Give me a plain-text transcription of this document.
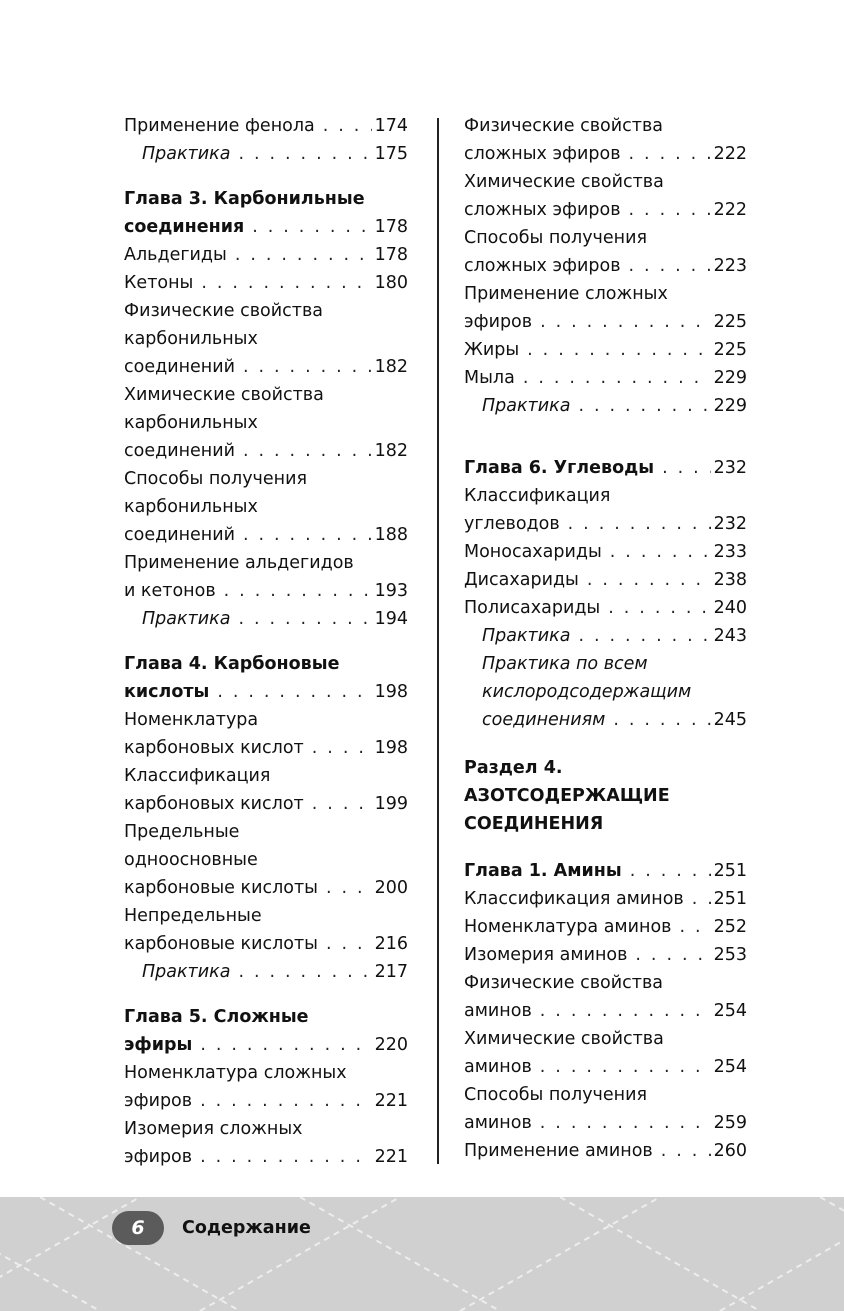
Применение фенола . . .	174
Практика . . .	175
Глава 3. Карбонильные
соединения . . .	178
Альдегиды . . .	178
Кетоны . . .	180
Физические свойства
карбонильных
соединений . . .	182
Химические свойства
карбонильных
соединений . . .	182
Способы получения
карбонильных
соединений . . .	188
Применение альдегидов
и кетонов . . .	193
Практика . . .	194
Глава 4. Карбоновые
кислоты . . .	198
Номенклатура
карбоновых кислот . . .	198
Классификация
карбоновых кислот . . .	199
Предельные
одноосновные
карбоновые кислоты . . .	200
Непредельные
карбоновые кислоты . . .	216
Практика . . .	217
Глава 5. Сложные
эфиры . . .	220
Номенклатура сложных
эфиров . . .	221
Изомерия сложных
эфиров . . .	221
Физические свойства
сложных эфиров . . .	222
Химические свойства
сложных эфиров . . .	222
Способы получения
сложных эфиров . . .	223
Применение сложных
эфиров . . .	225
Жиры . . .	225
Мыла . . .	229
Практика . . .	229
Глава 6. Углеводы . . .	232
Классификация
углеводов . . .	232
Моносахариды . . .	233
Дисахариды . . .	238
Полисахариды . . .	240
Практика . . .	243
Практика по всем
кислородсодержащим
соединениям . . .	245
Раздел 4.
АЗОТСОДЕРЖАЩИЕ
СОЕДИНЕНИЯ
Глава 1. Амины . . .	251
Классификация аминов . . . 251
Номенклатура аминов . . . 252
Изомерия аминов . . .	253
Физические свойства
аминов . . .	254
Химические свойства
аминов . . .	254
Способы получения
аминов . . .	259
Применение аминов . . .	260
6	Содержание
